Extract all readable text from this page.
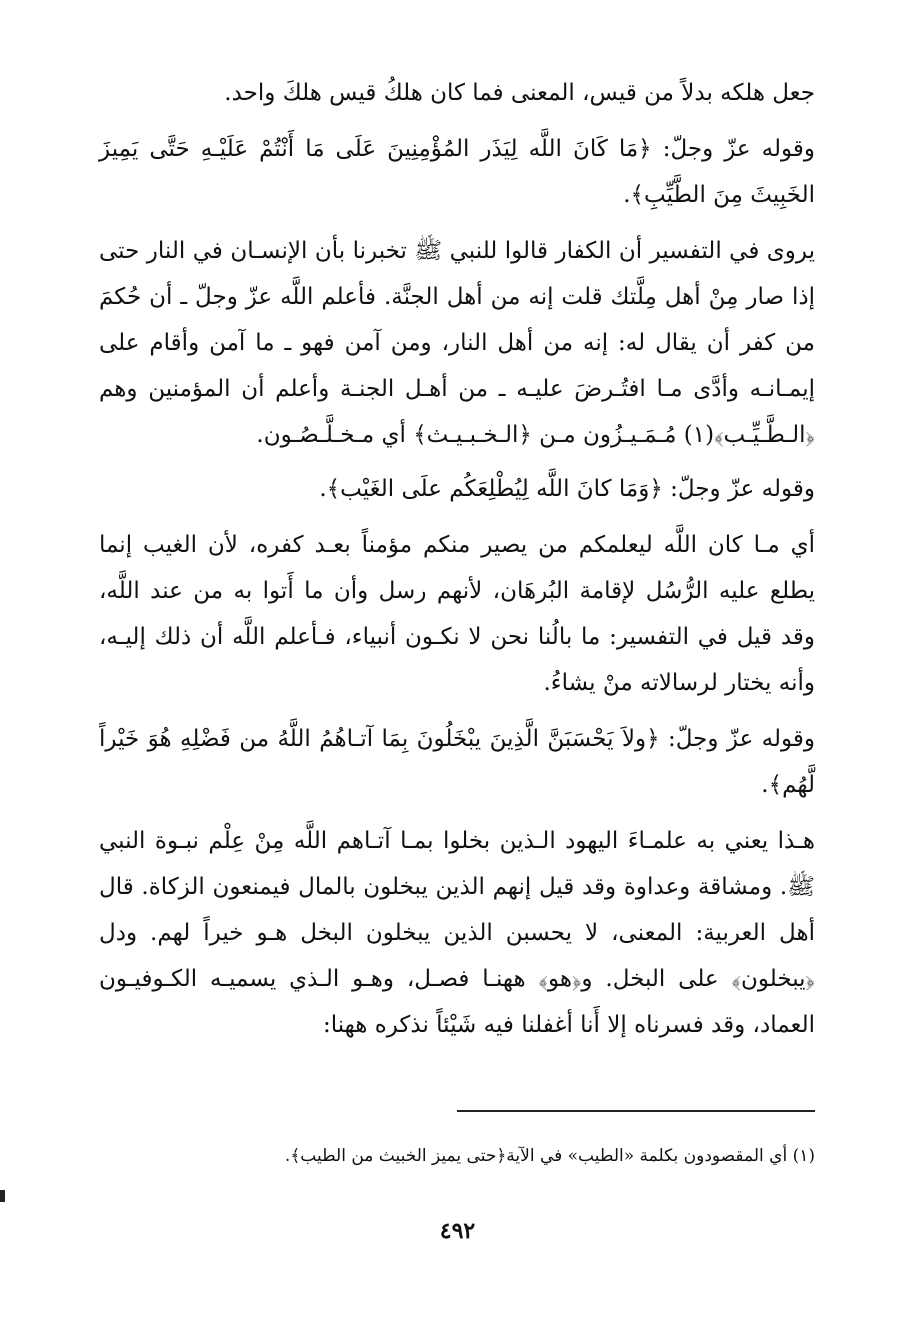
جعل هلكه بدلاً من قيس، المعنى فما كان هلكُ قيس هلكَ واحد.

وقوله عزّ وجلّ: ﴿مَا كَانَ اللَّه لِيَذَر المُؤْمِنِينَ عَلَى مَا أَنْتُمْ عَلَيْـهِ حَتَّى يَمِيزَ الخَبِيثَ مِنَ الطَّيِّبِ﴾.

يروى في التفسير أن الكفار قالوا للنبي ﷺ تخبرنا بأن الإنسـان في النار حتى إذا صار مِنْ أهل مِلَّتك قلت إنه من أهل الجنَّة. فأعلم اللَّه عزّ وجلّ ـ أن حُكمَ من كفر أن يقال له: إنه من أهل النار، ومن آمن فهو ـ ما آمن وأقام على إيمـانـه وأدَّى مـا افتُـرضَ عليـه ـ من أهـل الجنـة وأعلم أن المؤمنين وهم ﴿الـطَّـيِّـب﴾(١) مُـمَـيـزُون مـن ﴿الـخـبـيـث﴾ أي مـخـلَّـصُـون.

وقوله عزّ وجلّ: ﴿وَمَا كانَ اللَّه لِيُطْلِعَكُم علَى الغَيْب﴾.

أي مـا كان اللَّه ليعلمكم من يصير منكم مؤمناً بعـد كفره، لأن الغيب إنما يطلع عليه الرُّسُل لإقامة البُرهَان، لأنهم رسل وأن ما أَتوا به من عند اللَّه، وقد قيل في التفسير: ما بالُنا نحن لا نكـون أنبياء، فـأعلم اللَّه أن ذلك إليـه، وأنه يختار لرسالاته منْ يشاءُ.

وقوله عزّ وجلّ: ﴿ولاَ يَحْسَبَنَّ الَّذِينَ يبْخَلُونَ بِمَا آتـاهُمُ اللَّهُ من فَضْلِهِ هُوَ خَيْراً لَّهُم﴾.

هـذا يعني به علمـاءَ اليهود الـذين بخلوا بمـا آتـاهم اللَّه مِنْ عِلْم نبـوة النبي ﷺ. ومشاقة وعداوة وقد قيل إنهم الذين يبخلون بالمال فيمنعون الزكاة. قال أهل العربية: المعنى، لا يحسبن الذين يبخلون البخل هـو خيراً لهم. ودل ﴿يبخلون﴾ على البخل. و﴿هو﴾ ههنـا فصـل، وهـو الـذي يسميـه الكـوفيـون العماد، وقد فسرناه إلا أَنا أغفلنا فيه شَيْئاً نذكره ههنا:

(١) أي المقصودون بكلمة «الطيب» في الآية﴿حتى يميز الخبيث من الطيب﴾.

٤٩٢
